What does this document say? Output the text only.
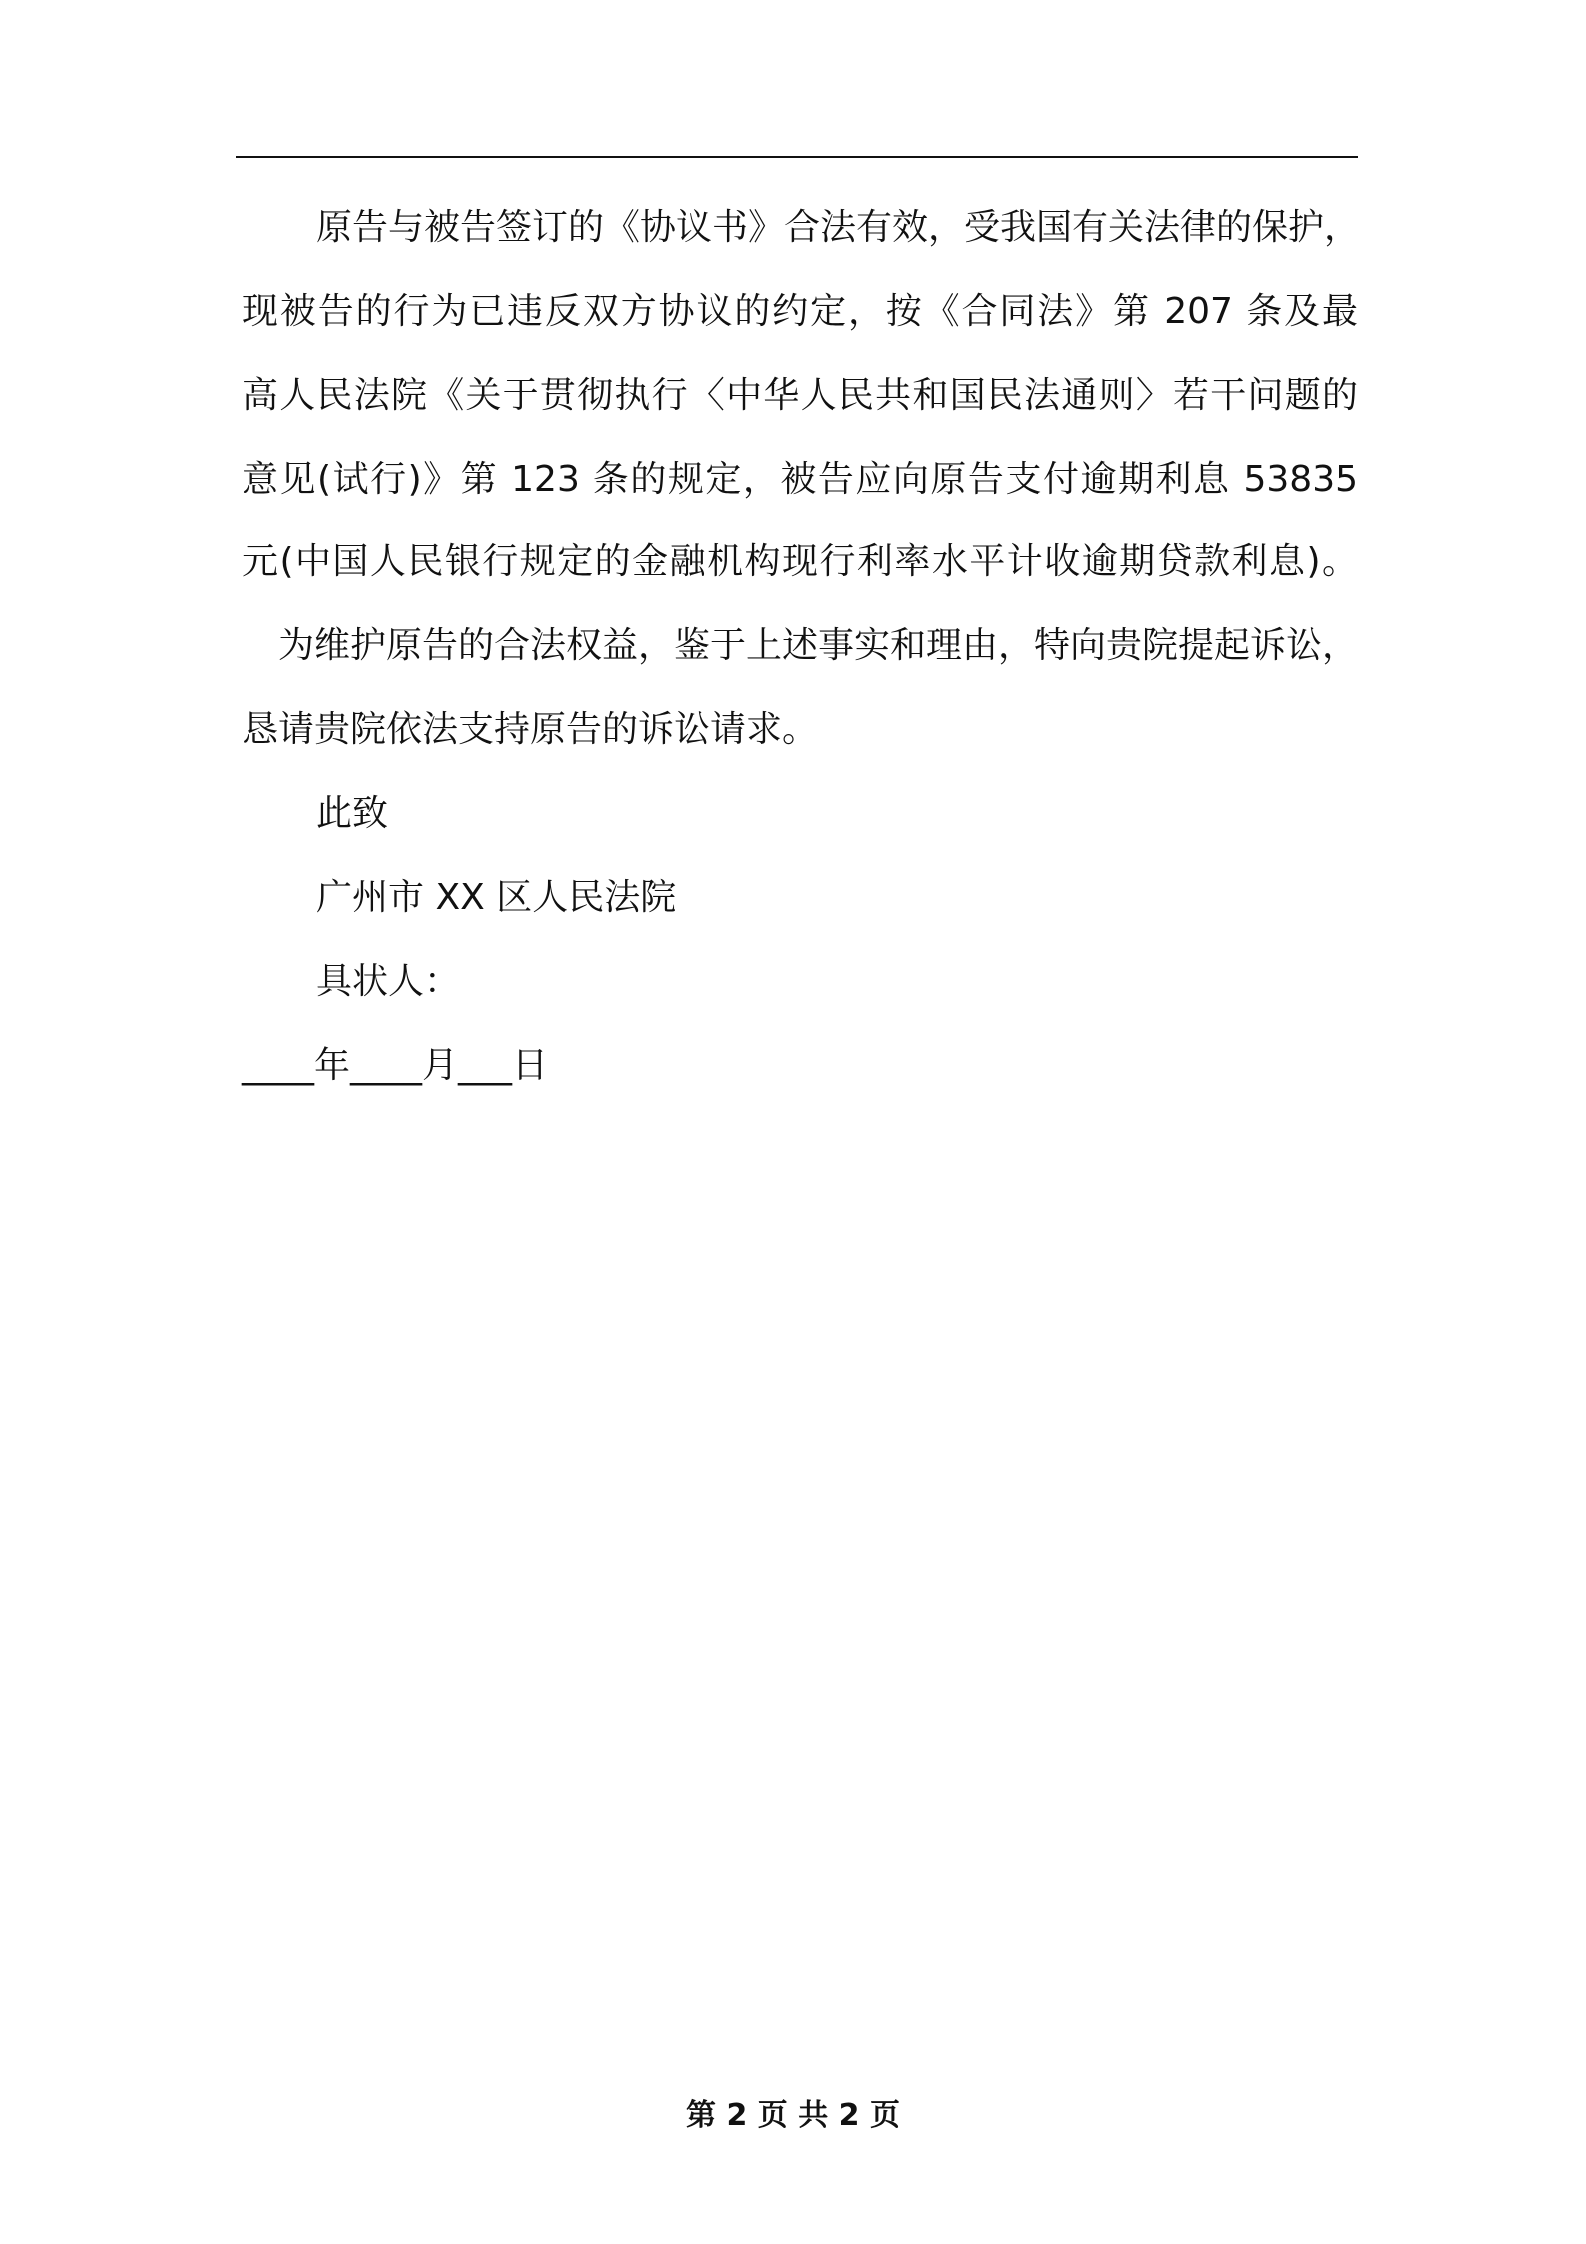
原告与被告签订的《协议书》合法有效，受我国有关法律的保护，
现被告的行为已违反双方协议的约定，按《合同法》第 207 条及最
高人民法院《关于贯彻执行〈中华人民共和国民法通则〉若干问题的
意见(试行)》第 123 条的规定，被告应向原告支付逾期利息 53835
元(中国人民银行规定的金融机构现行利率水平计收逾期贷款利息)。
为维护原告的合法权益，鉴于上述事实和理由，特向贵院提起诉讼，
恳请贵院依法支持原告的诉讼请求。
此致
广州市 XX 区人民法院
具状人：
____年____月___日
第 2 页 共 2 页
